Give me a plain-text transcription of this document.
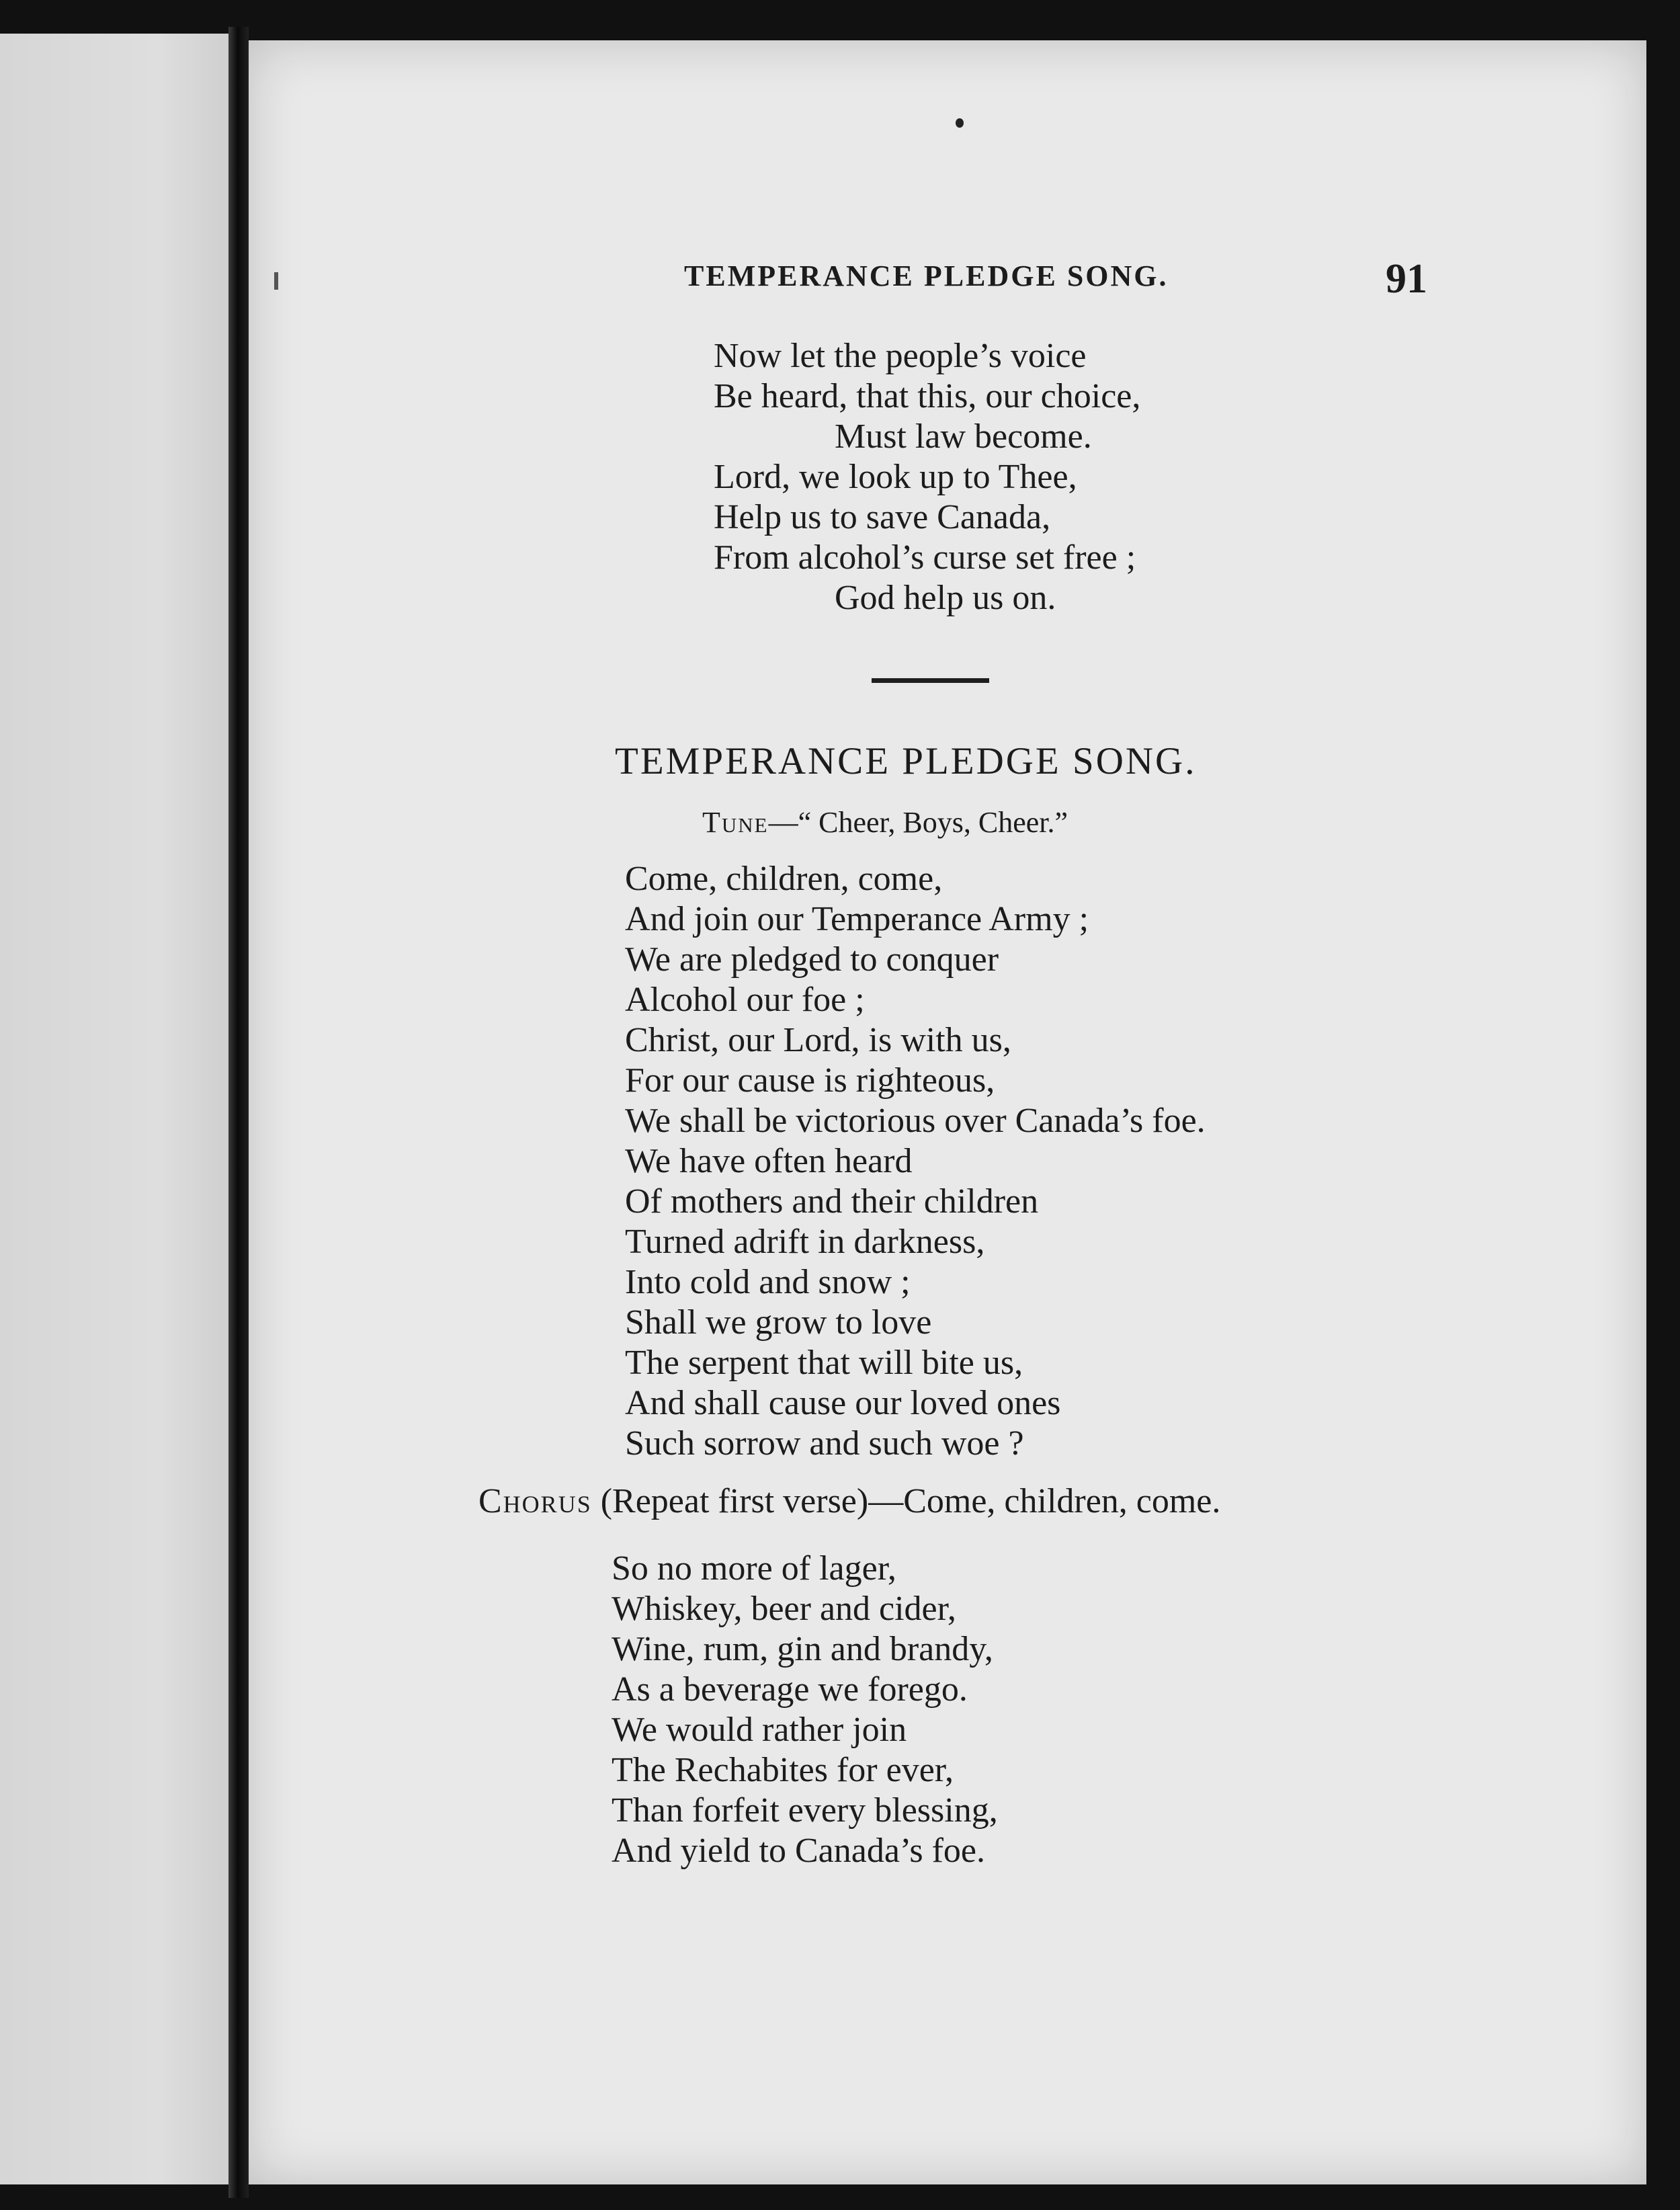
TEMPERANCE PLEDGE SONG.	91
Now let the people’s voice
Be heard, that this, our choice,
Must law become.
Lord, we look up to Thee,
Help us to save Canada,
From alcohol’s curse set free ;
God help us on.
TEMPERANCE PLEDGE SONG.
Tune—“ Cheer, Boys, Cheer.”
Come, children, come,
And join our Temperance Army ;
We are pledged to conquer
Alcohol our foe ;
Christ, our Lord, is with us,
For our cause is righteous,
We shall be victorious over Canada’s foe.
We have often heard
Of mothers and their children
Turned adrift in darkness,
Into cold and snow ;
Shall we grow to love
The serpent that will bite us,
And shall cause our loved ones
Such sorrow and such woe ?
Chorus (Repeat first verse)—Come, children, come.
So no more of lager,
Whiskey, beer and cider,
Wine, rum, gin and brandy,
As a beverage we forego.
We would rather join
The Rechabites for ever,
Than forfeit every blessing,
And yield to Canada’s foe.
